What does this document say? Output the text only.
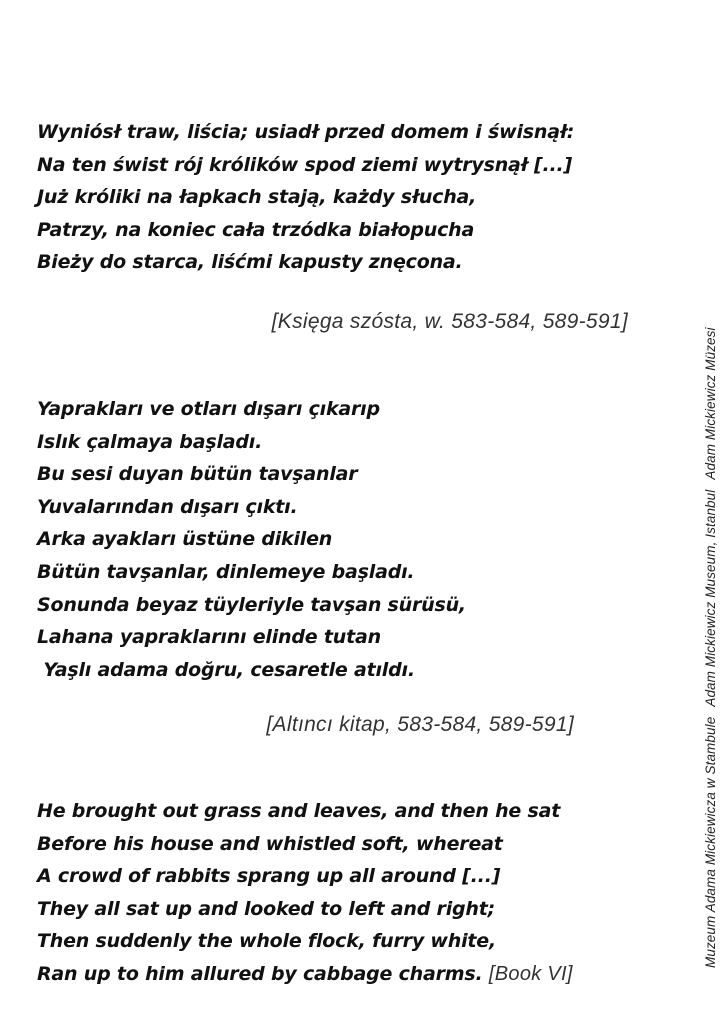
Wyniósł traw, liścia; usiadł przed domem i świsnął:
Na ten świst rój królików spod ziemi wytrysnął [...]
Już króliki na łapkach stają, każdy słucha,
Patrzy, na koniec cała trzódka białopucha
Bieży do starca, liśćmi kapusty znęcona.
[Księga szósta, w. 583-584, 589-591]
Yaprakları ve otları dışarı çıkarıp
Islık çalmaya başladı.
Bu sesi duyan bütün tavşanlar
Yuvalarından dışarı çıktı.
Arka ayakları üstüne dikilen
Bütün tavşanlar, dinlemeye başladı.
Sonunda beyaz tüyleriyle tavşan sürüsü,
Lahana yapraklarını elinde tutan
Yaşlı adama doğru, cesaretle atıldı.
[Altıncı kitap, 583-584, 589-591]
He brought out grass and leaves, and then he sat
Before his house and whistled soft, whereat
A crowd of rabbits sprang up all around [...]
They all sat up and looked to left and right;
Then suddenly the whole flock, furry white,
Ran up to him allured by cabbage charms. [Book VI]
Muzeum Adama Mickiewicza w StambuleAdam Mickiewicz Museum, IstanbulAdam Mickiewicz Müzesi
